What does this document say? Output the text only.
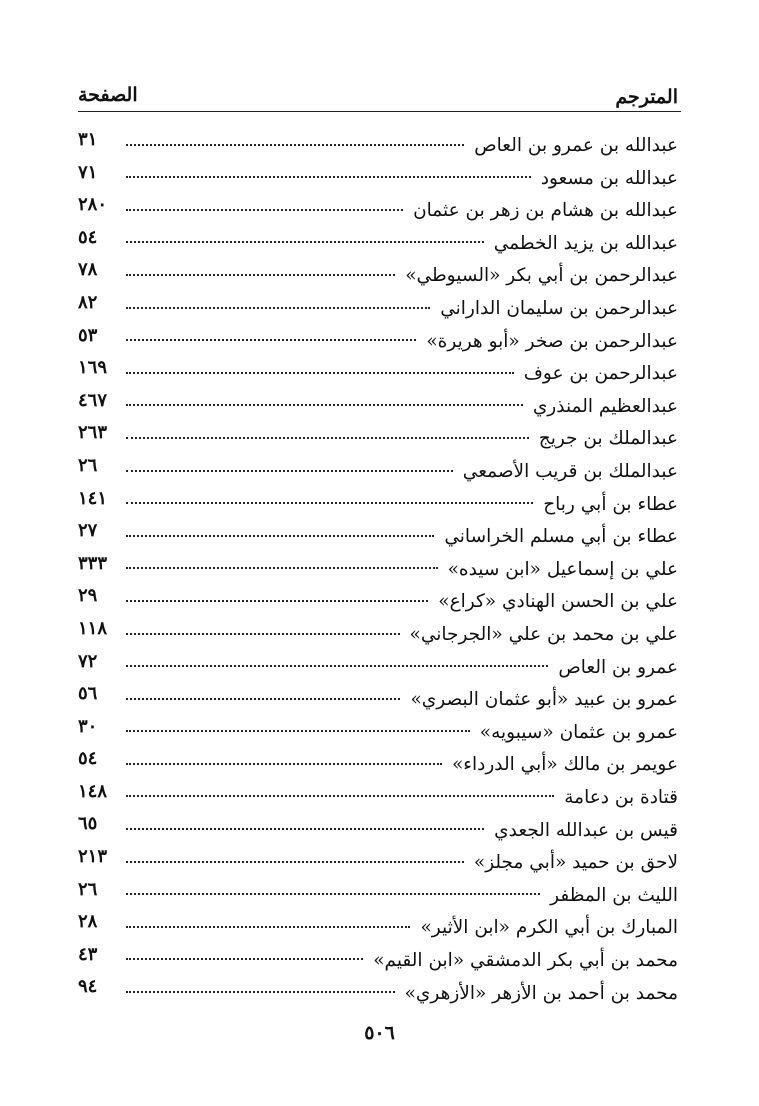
المترجم
الصفحة
عبدالله بن عمرو بن العاص
٣١
عبدالله بن مسعود
٧١
عبدالله بن هشام بن زهر بن عثمان
٢٨٠
عبدالله بن يزيد الخطمي
٥٤
عبدالرحمن بن أبي بكر «السيوطي»
٧٨
عبدالرحمن بن سليمان الداراني
٨٢
عبدالرحمن بن صخر «أبو هريرة»
٥٣
عبدالرحمن بن عوف
١٦٩
عبدالعظيم المنذري
٤٦٧
عبدالملك بن جريج
٢٦٣
عبدالملك بن قريب الأصمعي
٢٦
عطاء بن أبي رباح
١٤١
عطاء بن أبي مسلم الخراساني
٢٧
علي بن إسماعيل «ابن سيده»
٣٣٣
علي بن الحسن الهنادي «كراع»
٢٩
علي بن محمد بن علي «الجرجاني»
١١٨
عمرو بن العاص
٧٢
عمرو بن عبيد «أبو عثمان البصري»
٥٦
عمرو بن عثمان «سيبويه»
٣٠
عويمر بن مالك «أبي الدرداء»
٥٤
قتادة بن دعامة
١٤٨
قيس بن عبدالله الجعدي
٦٥
لاحق بن حميد «أبي مجلز»
٢١٣
الليث بن المظفر
٢٦
المبارك بن أبي الكرم «ابن الأثير»
٢٨
محمد بن أبي بكر الدمشقي «ابن القيم»
٤٣
محمد بن أحمد بن الأزهر «الأزهري»
٩٤
٥٠٦
